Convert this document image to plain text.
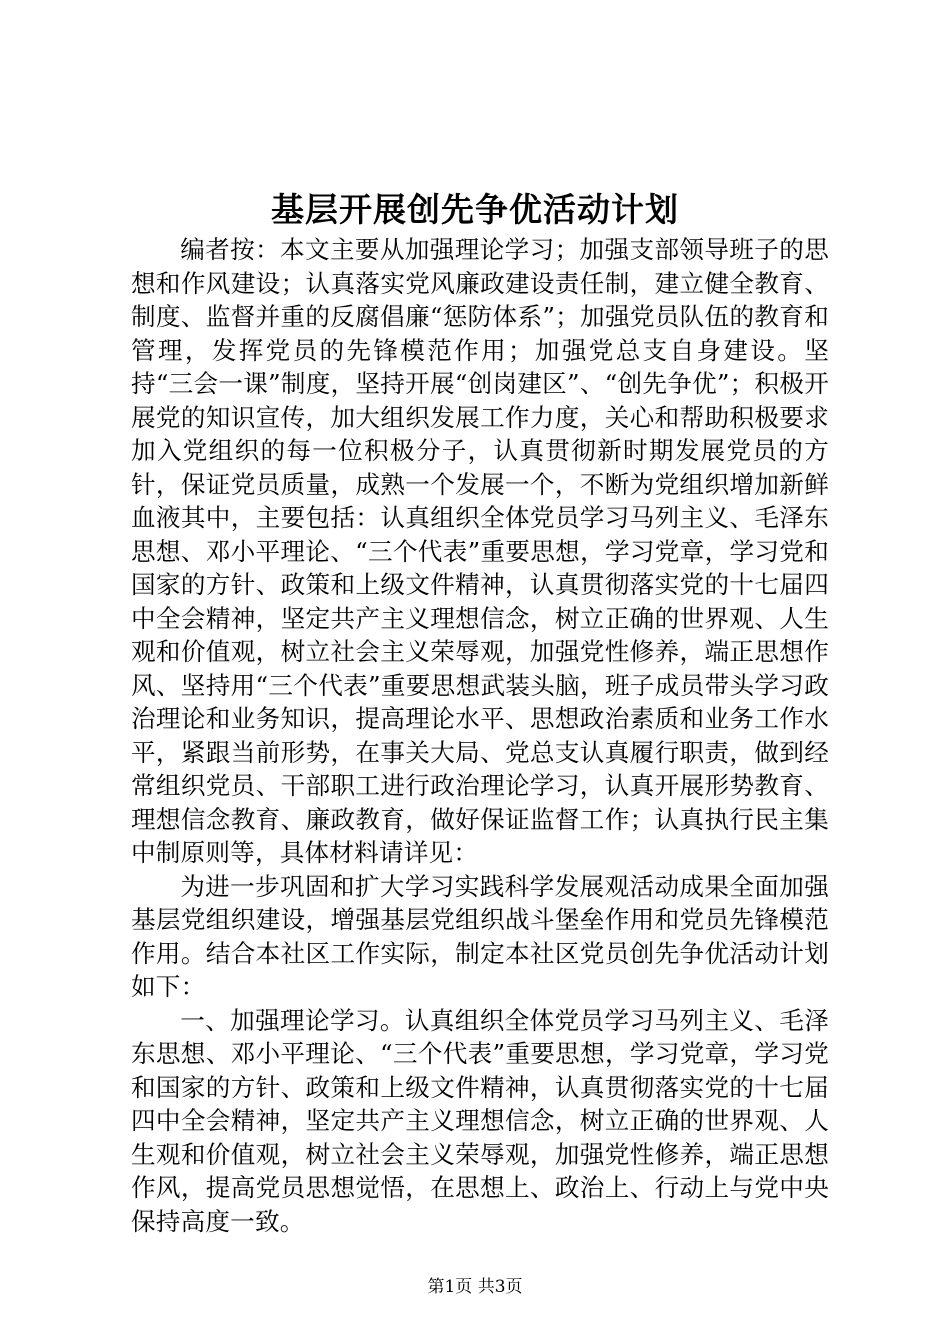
基层开展创先争优活动计划

编者按：本文主要从加强理论学习；加强支部领导班子的思想和作风建设；认真落实党风廉政建设责任制，建立健全教育、制度、监督并重的反腐倡廉“惩防体系”；加强党员队伍的教育和管理，发挥党员的先锋模范作用；加强党总支自身建设。坚持“三会一课”制度，坚持开展“创岗建区”、“创先争优”；积极开展党的知识宣传，加大组织发展工作力度，关心和帮助积极要求加入党组织的每一位积极分子，认真贯彻新时期发展党员的方针，保证党员质量，成熟一个发展一个，不断为党组织增加新鲜血液其中，主要包括：认真组织全体党员学习马列主义、毛泽东思想、邓小平理论、“三个代表”重要思想，学习党章，学习党和国家的方针、政策和上级文件精神，认真贯彻落实党的十七届四中全会精神，坚定共产主义理想信念，树立正确的世界观、人生观和价值观，树立社会主义荣辱观，加强党性修养，端正思想作风、坚持用“三个代表”重要思想武装头脑，班子成员带头学习政治理论和业务知识，提高理论水平、思想政治素质和业务工作水平，紧跟当前形势，在事关大局、党总支认真履行职责，做到经常组织党员、干部职工进行政治理论学习，认真开展形势教育、理想信念教育、廉政教育，做好保证监督工作；认真执行民主集中制原则等，具体材料请详见：

为进一步巩固和扩大学习实践科学发展观活动成果全面加强基层党组织建设，增强基层党组织战斗堡垒作用和党员先锋模范作用。结合本社区工作实际，制定本社区党员创先争优活动计划如下：

一、加强理论学习。认真组织全体党员学习马列主义、毛泽东思想、邓小平理论、“三个代表”重要思想，学习党章，学习党和国家的方针、政策和上级文件精神，认真贯彻落实党的十七届四中全会精神，坚定共产主义理想信念，树立正确的世界观、人生观和价值观，树立社会主义荣辱观，加强党性修养，端正思想作风，提高党员思想觉悟，在思想上、政治上、行动上与党中央保持高度一致。

第1页 共3页
